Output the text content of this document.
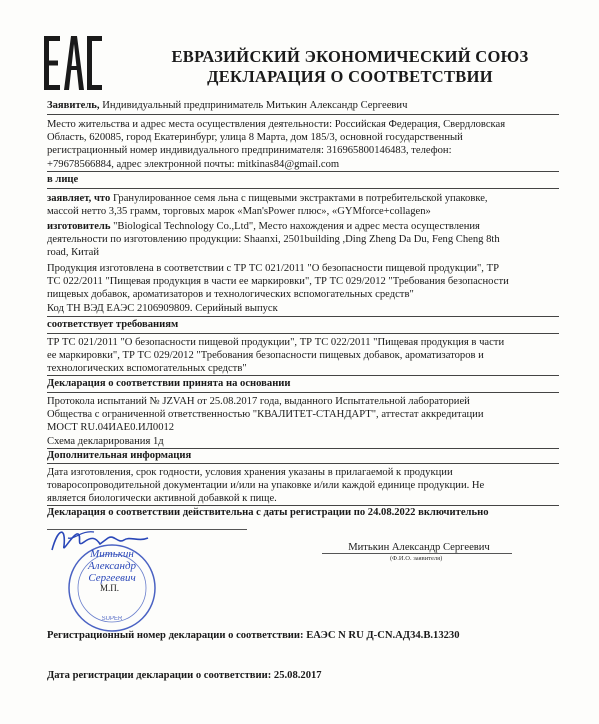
ЕВРАЗИЙСКИЙ ЭКОНОМИЧЕСКИЙ СОЮЗ
ДЕКЛАРАЦИЯ О СООТВЕТСТВИИ
Заявитель, Индивидуальный предприниматель Митькин Александр Сергеевич
Место жительства и адрес места осуществления деятельности: Российская Федерация, Свердловская
Область, 620085, город Екатеринбург, улица 8 Марта, дом 185/3, основной государственный
регистрационный номер индивидуального предпринимателя: 316965800146483, телефон:
+79678566884, адрес электронной почты: mitkinas84@gmail.com
в лице
заявляет, что Гранулированное семя льна с пищевыми экстрактами в потребительской упаковке,
массой нетто 3,35 грамм, торговых марок «Man'sPower плюс», «GYMforce+collagen»
изготовитель "Biological Technology Co.,Ltd", Место нахождения и адрес места осуществления
деятельности по изготовлению продукции: Shaanxi, 2501building ,Ding Zheng Da Du, Feng Cheng 8th
road, Китай
Продукция изготовлена в соответствии с ТР ТС 021/2011 "О безопасности пищевой продукции", ТР
ТС 022/2011 "Пищевая продукция в части ее маркировки", ТР ТС 029/2012 "Требования безопасности
пищевых добавок, ароматизаторов и технологических вспомогательных средств"
Код ТН ВЭД ЕАЭС 2106909809. Серийный выпуск
соответствует требованиям
ТР ТС 021/2011 "О безопасности пищевой продукции", ТР ТС 022/2011 "Пищевая продукция в части
ее маркировки", ТР ТС 029/2012 "Требования безопасности пищевых добавок, ароматизаторов и
технологических вспомогательных средств"
Декларация о соответствии принята на основании
Протокола испытаний № JZVAH от 25.08.2017 года, выданного Испытательной лабораторией
Общества с ограниченной ответственностью "КВАЛИТЕТ-СТАНДАРТ", аттестат аккредитации
МОСТ RU.04ИАЕ0.ИЛ0012
Схема декларирования 1д
Дополнительная информация
Дата изготовления, срок годности, условия хранения указаны в прилагаемой к продукции
товаросопроводительной документации и/или на упаковке и/или каждой единице продукции. Не
является биологически активной добавкой к пище.
Декларация о соответствии действительна с даты регистрации по 24.08.2022 включительно
Митькин Александр Сергеевич
(Ф.И.О. заявителя)
SUPER
Митькин
Александр
Сергеевич
М.П.
Регистрационный номер декларации о соответствии: ЕАЭС N RU Д-CN.АД34.В.13230
Дата регистрации декларации о соответствии: 25.08.2017
